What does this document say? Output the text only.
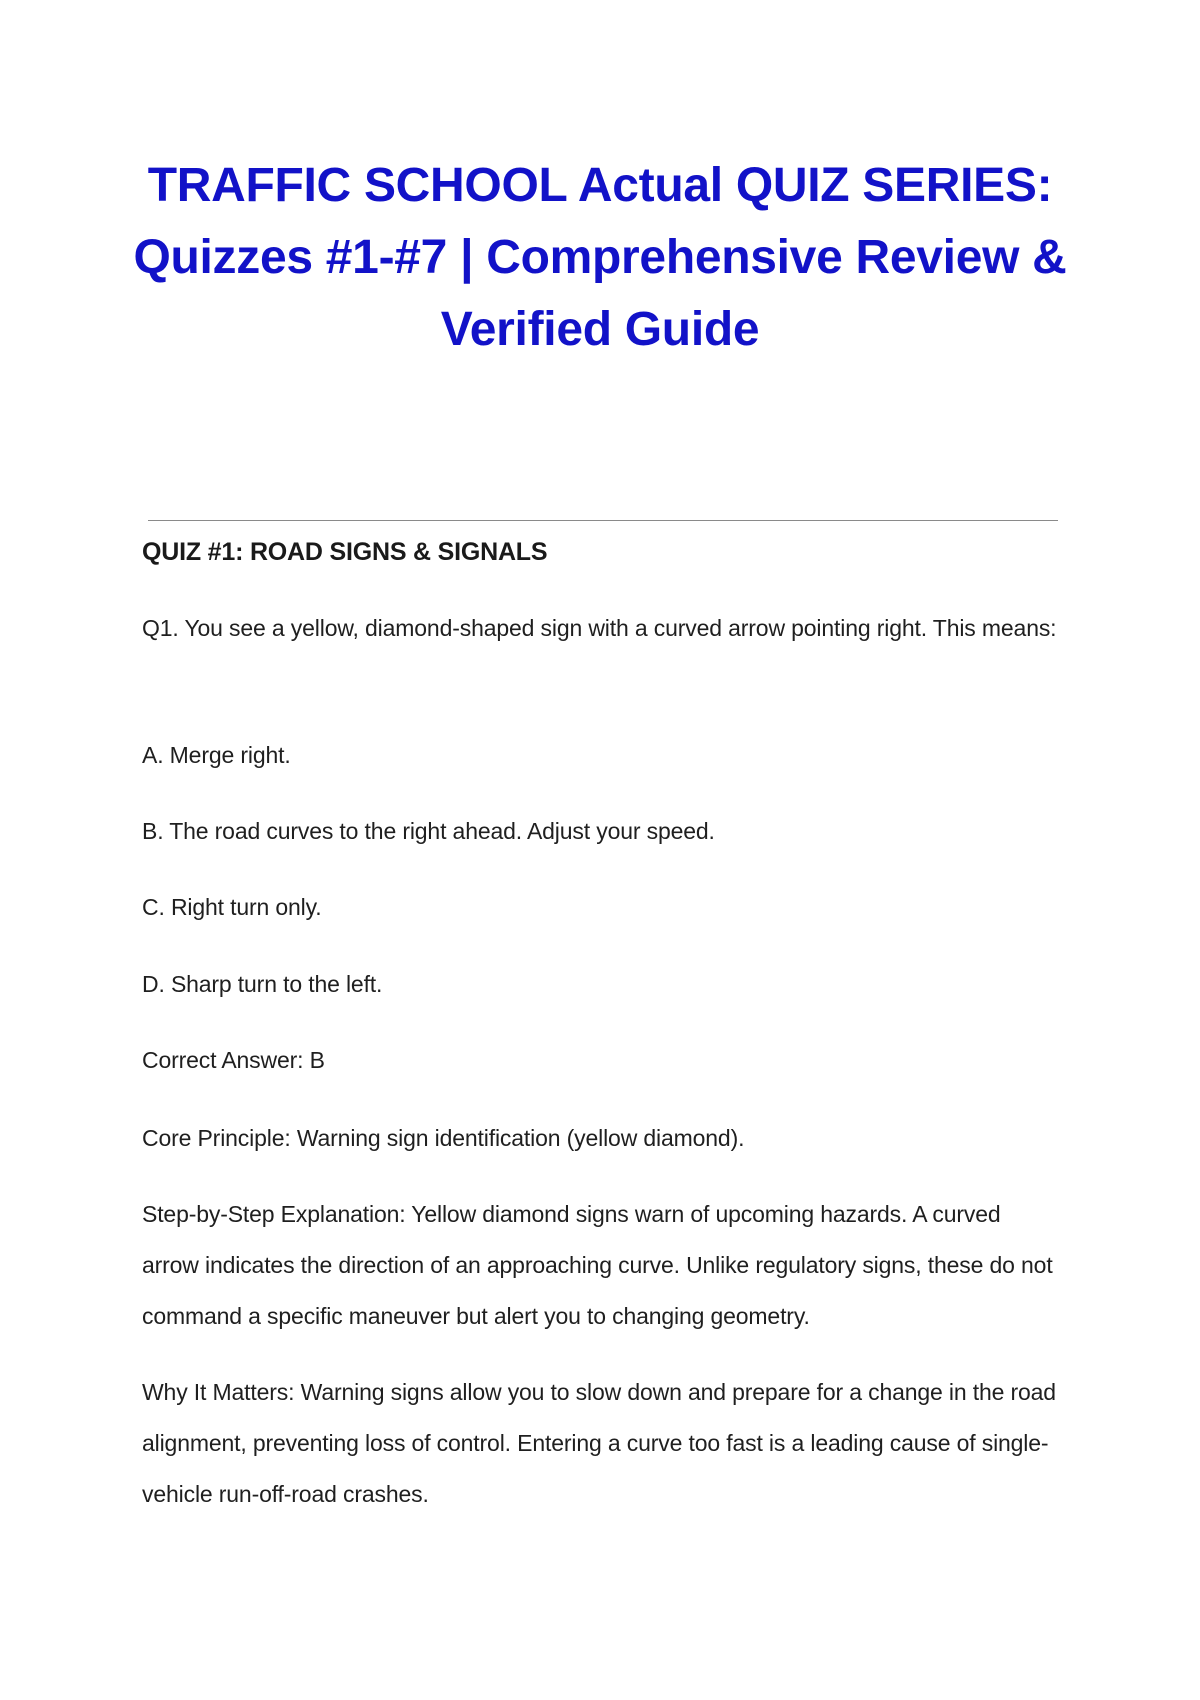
TRAFFIC SCHOOL Actual QUIZ SERIES:
Quizzes #1-#7 | Comprehensive Review &
Verified Guide
QUIZ #1: ROAD SIGNS & SIGNALS

Q1. You see a yellow, diamond-shaped sign with a curved arrow pointing right. This means:

A. Merge right.

B. The road curves to the right ahead. Adjust your speed.

C. Right turn only.

D. Sharp turn to the left.

Correct Answer: B

Core Principle: Warning sign identification (yellow diamond).

Step-by-Step Explanation: Yellow diamond signs warn of upcoming hazards. A curved arrow indicates the direction of an approaching curve. Unlike regulatory signs, these do not command a specific maneuver but alert you to changing geometry.

Why It Matters: Warning signs allow you to slow down and prepare for a change in the road alignment, preventing loss of control. Entering a curve too fast is a leading cause of single-vehicle run-off-road crashes.
